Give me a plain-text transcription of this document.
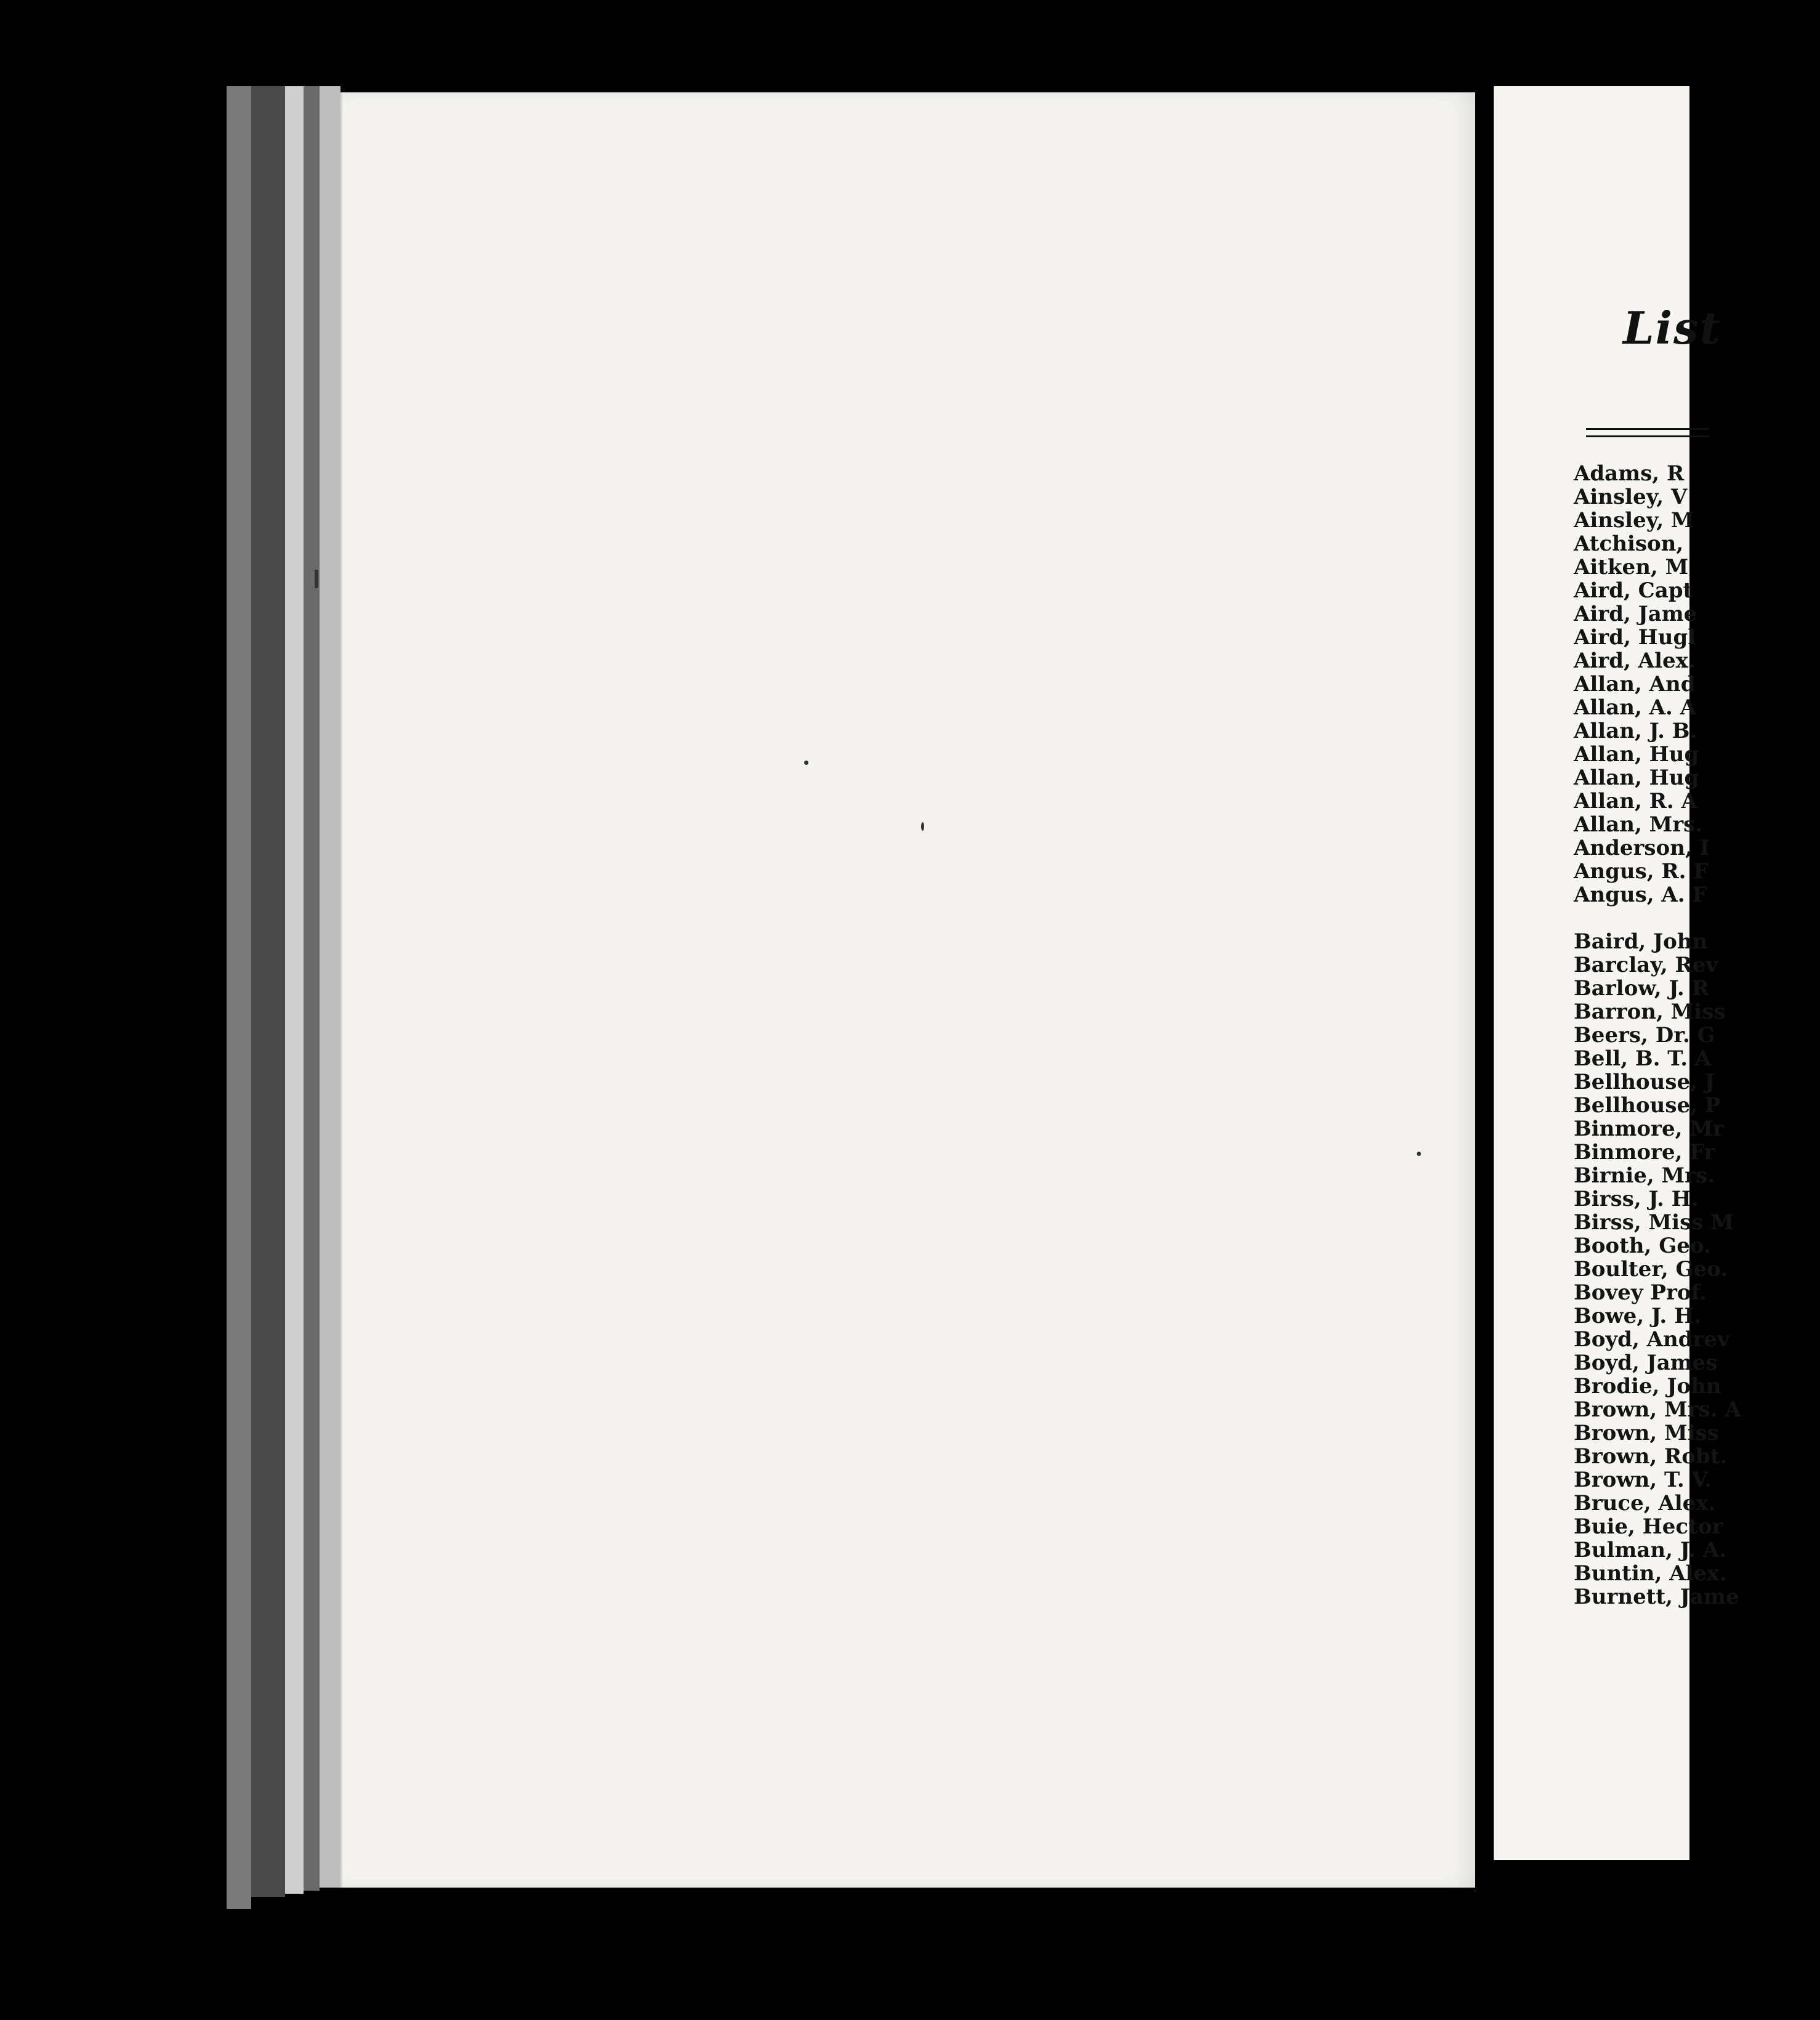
List
Adams, R
Ainsley, V
Ainsley, M
Atchison,
Aitken, M
Aird, Capt
Aird, Jame
Aird, Hugl
Aird, Alex.
Allan, And
Allan, A. A
Allan, J. B.
Allan, Hug
Allan, Hug
Allan, R. A
Allan, Mrs.
Anderson, I
Angus, R. F
Angus, A. F
Baird, John
Barclay, Rev
Barlow, J. R
Barron, Miss
Beers, Dr. G
Bell, B. T. A
Bellhouse, J
Bellhouse, P
Binmore, Mr
Binmore, Fr
Birnie, Mrs.
Birss, J. H.
Birss, Miss M
Booth, Geo.
Boulter, Geo.
Bovey Prof.
Bowe, J. H.
Boyd, Andrev
Boyd, James
Brodie, John
Brown, Mrs. A
Brown, Miss
Brown, Robt.
Brown, T. V.
Bruce, Alex.
Buie, Hector
Bulman, J. A.
Buntin, Alex.
Burnett, Jame
